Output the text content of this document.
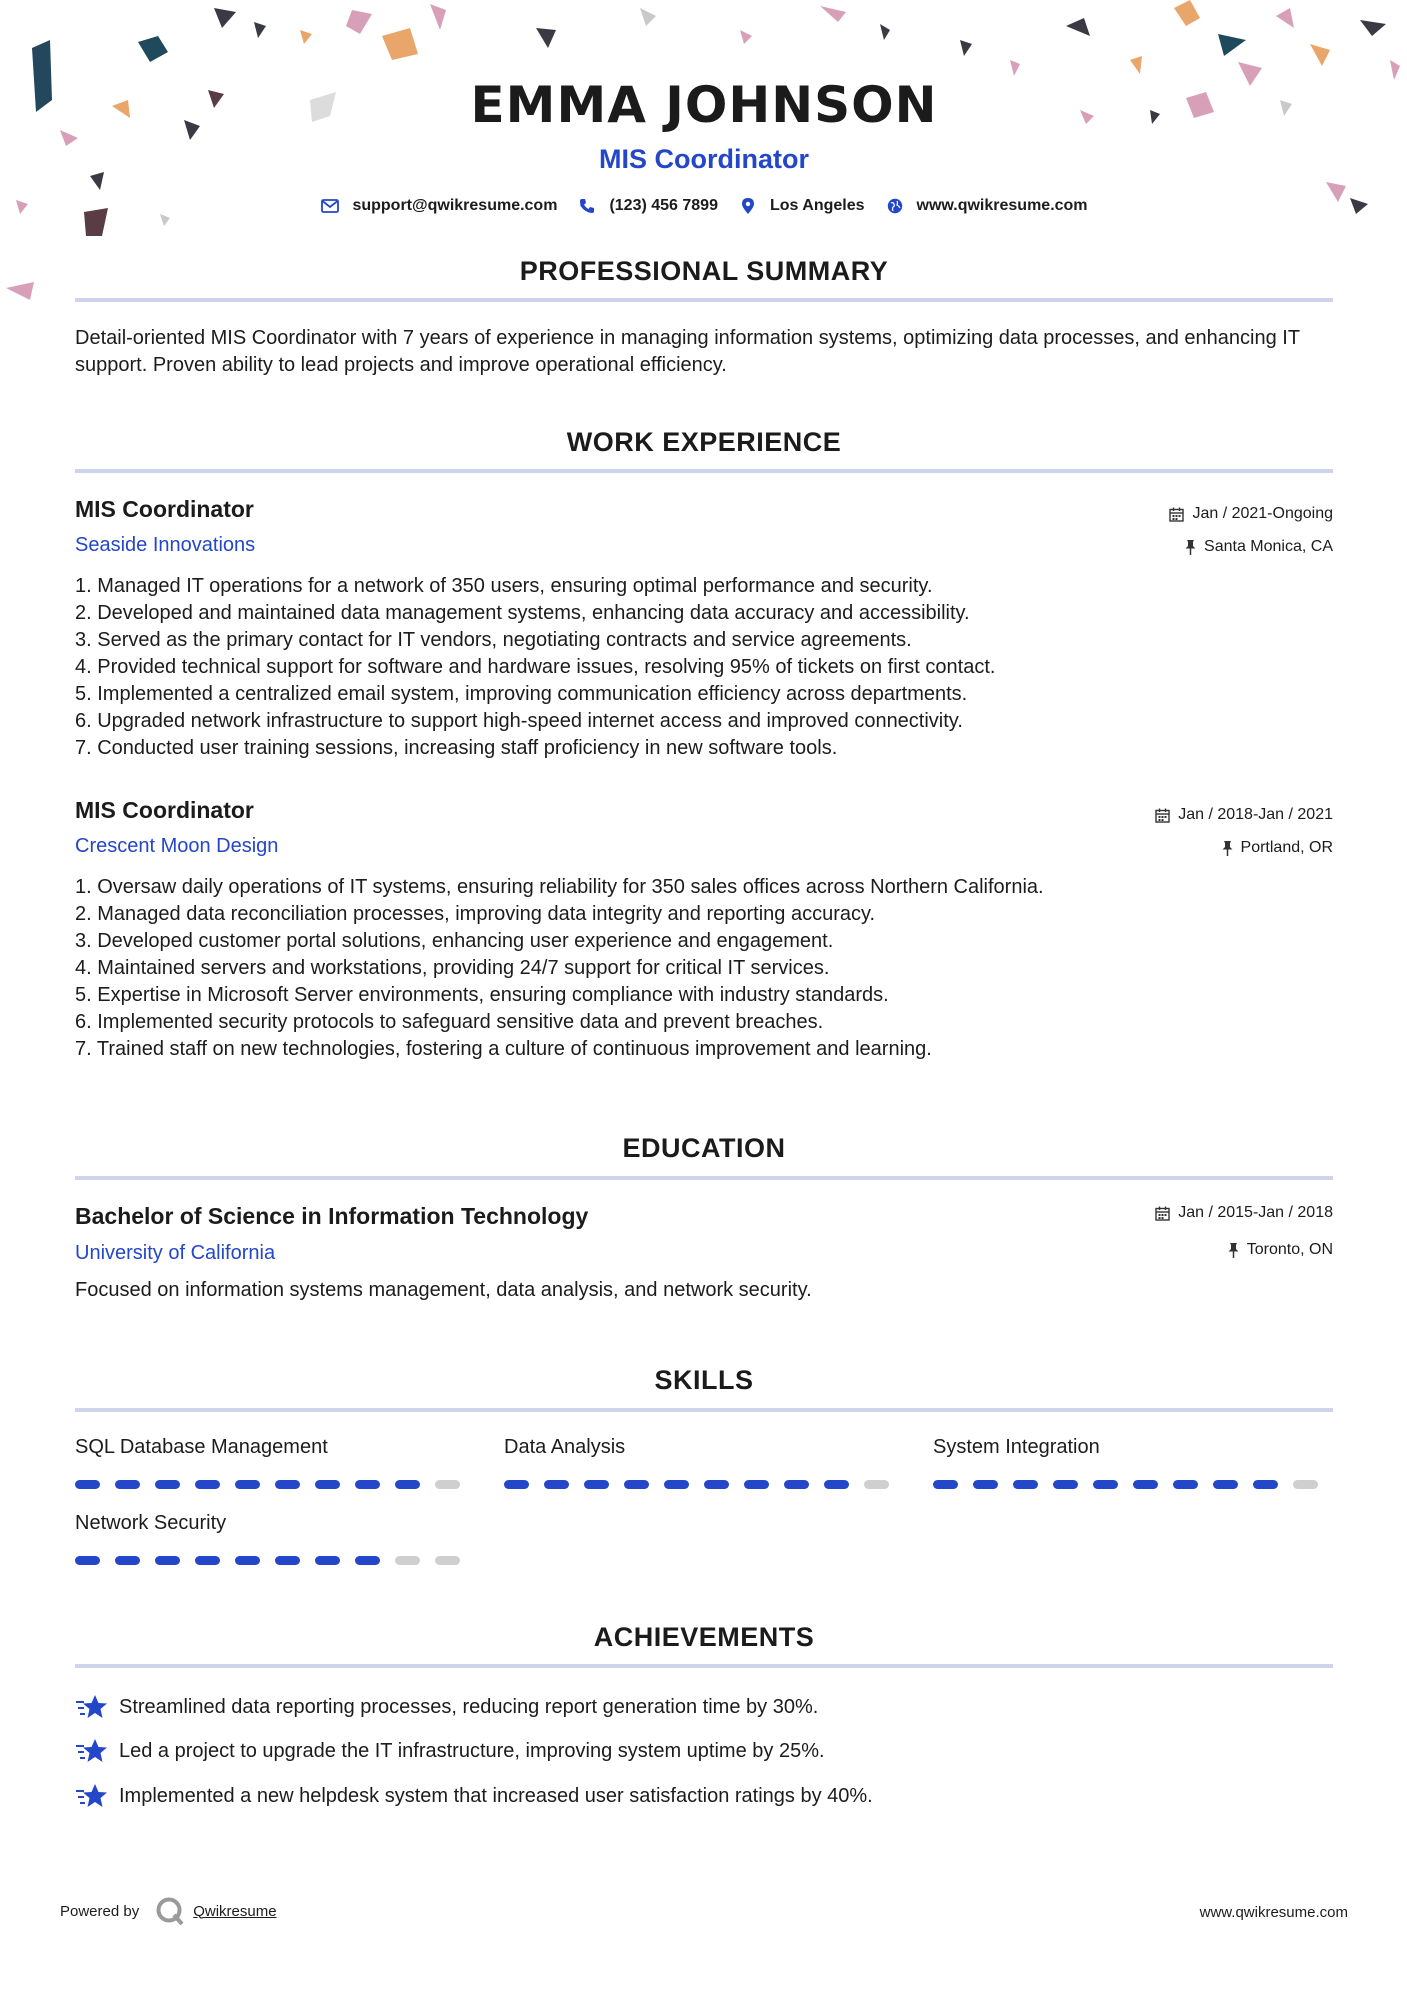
EMMA JOHNSON
MIS Coordinator
support@qwikresume.com	(123) 456 7899	Los Angeles	www.qwikresume.com
PROFESSIONAL SUMMARY
Detail-oriented MIS Coordinator with 7 years of experience in managing information systems, optimizing data processes, and enhancing IT support. Proven ability to lead projects and improve operational efficiency.
WORK EXPERIENCE
MIS Coordinator
Seaside Innovations
Jan / 2021-Ongoing
Santa Monica, CA
1. Managed IT operations for a network of 350 users, ensuring optimal performance and security.
2. Developed and maintained data management systems, enhancing data accuracy and accessibility.
3. Served as the primary contact for IT vendors, negotiating contracts and service agreements.
4. Provided technical support for software and hardware issues, resolving 95% of tickets on first contact.
5. Implemented a centralized email system, improving communication efficiency across departments.
6. Upgraded network infrastructure to support high-speed internet access and improved connectivity.
7. Conducted user training sessions, increasing staff proficiency in new software tools.
MIS Coordinator
Crescent Moon Design
Jan / 2018-Jan / 2021
Portland, OR
1. Oversaw daily operations of IT systems, ensuring reliability for 350 sales offices across Northern California.
2. Managed data reconciliation processes, improving data integrity and reporting accuracy.
3. Developed customer portal solutions, enhancing user experience and engagement.
4. Maintained servers and workstations, providing 24/7 support for critical IT services.
5. Expertise in Microsoft Server environments, ensuring compliance with industry standards.
6. Implemented security protocols to safeguard sensitive data and prevent breaches.
7. Trained staff on new technologies, fostering a culture of continuous improvement and learning.
EDUCATION
Bachelor of Science in Information Technology
University of California
Jan / 2015-Jan / 2018
Toronto, ON
Focused on information systems management, data analysis, and network security.
SKILLS
SQL Database Management	Data Analysis	System Integration
Network Security
ACHIEVEMENTS
Streamlined data reporting processes, reducing report generation time by 30%.
Led a project to upgrade the IT infrastructure, improving system uptime by 25%.
Implemented a new helpdesk system that increased user satisfaction ratings by 40%.
Powered by	Qwikresume	www.qwikresume.com
